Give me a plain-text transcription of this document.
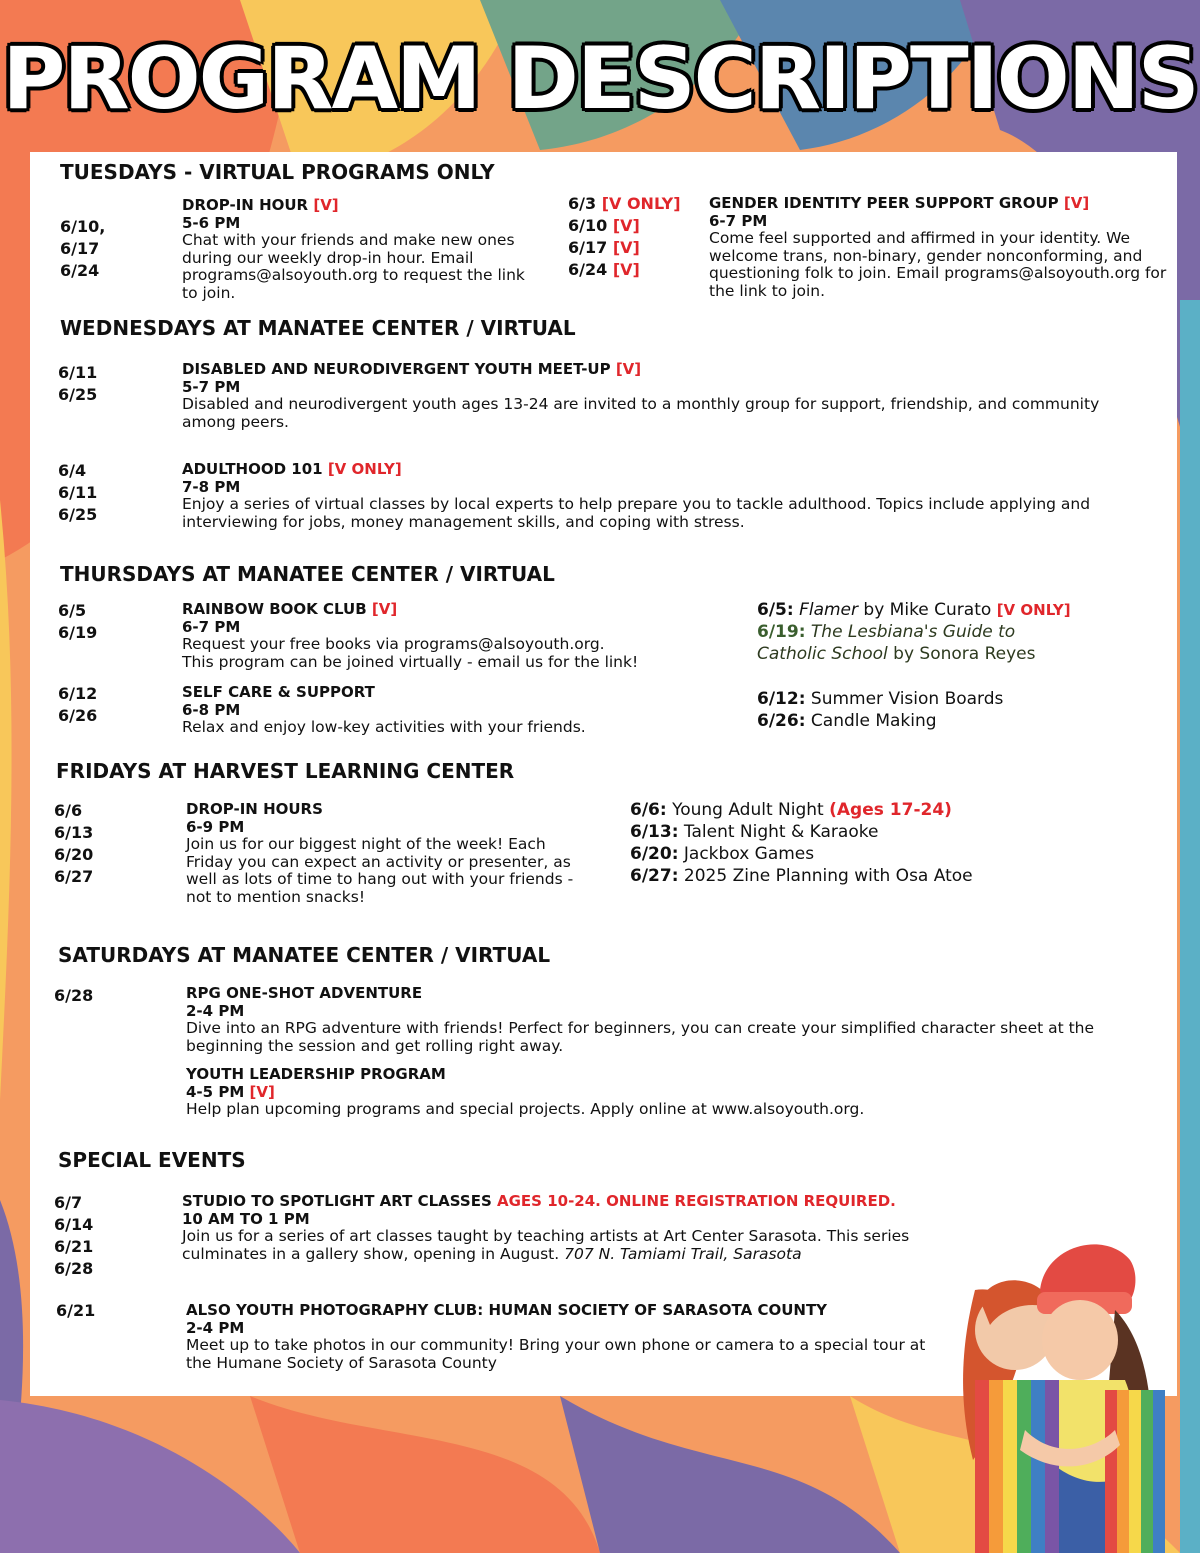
PROGRAM DESCRIPTIONS
TUESDAYS - VIRTUAL PROGRAMS ONLY
6/10,
6/17
6/24
DROP-IN HOUR [V]
5-6 PM
Chat with your friends and make new ones during our weekly drop-in hour. Email programs@alsoyouth.org to request the link to join.
6/3 [V ONLY]
6/10 [V]
6/17 [V]
6/24 [V]
GENDER IDENTITY PEER SUPPORT GROUP [V]
6-7 PM
Come feel supported and affirmed in your identity. We welcome trans, non-binary, gender nonconforming, and questioning folk to join. Email programs@alsoyouth.org for the link to join.
WEDNESDAYS AT MANATEE CENTER / VIRTUAL
6/11
6/25
DISABLED AND NEURODIVERGENT YOUTH MEET-UP [V]
5-7 PM
Disabled and neurodivergent youth ages 13-24 are invited to a monthly group for support, friendship, and community among peers.
6/4
6/11
6/25
ADULTHOOD 101 [V ONLY]
7-8 PM
Enjoy a series of virtual classes by local experts to help prepare you to tackle adulthood. Topics include applying and interviewing for jobs, money management skills, and coping with stress.
THURSDAYS AT MANATEE CENTER / VIRTUAL
6/5
6/19
RAINBOW BOOK CLUB [V]
6-7 PM
Request your free books via programs@alsoyouth.org.
This program can be joined virtually - email us for the link!
6/5: Flamer by Mike Curato [V ONLY]
6/19: The Lesbiana's Guide to
Catholic School by Sonora Reyes
6/12
6/26
SELF CARE & SUPPORT
6-8 PM
Relax and enjoy low-key activities with your friends.
6/12: Summer Vision Boards
6/26: Candle Making
FRIDAYS AT HARVEST LEARNING CENTER
6/6
6/13
6/20
6/27
DROP-IN HOURS
6-9 PM
Join us for our biggest night of the week! Each Friday you can expect an activity or presenter, as well as lots of time to hang out with your friends - not to mention snacks!
6/6: Young Adult Night (Ages 17-24)
6/13: Talent Night & Karaoke
6/20: Jackbox Games
6/27: 2025 Zine Planning with Osa Atoe
SATURDAYS AT MANATEE CENTER / VIRTUAL
6/28	RPG ONE-SHOT ADVENTURE
2-4 PM
Dive into an RPG adventure with friends! Perfect for beginners, you can create your simplified character sheet at the beginning the session and get rolling right away.
YOUTH LEADERSHIP PROGRAM
4-5 PM [V]
Help plan upcoming programs and special projects. Apply online at www.alsoyouth.org.
SPECIAL EVENTS
6/7
6/14
6/21
6/28
STUDIO TO SPOTLIGHT ART CLASSES AGES 10-24. ONLINE REGISTRATION REQUIRED.
10 AM TO 1 PM
Join us for a series of art classes taught by teaching artists at Art Center Sarasota. This series culminates in a gallery show, opening in August. 707 N. Tamiami Trail, Sarasota
6/21	ALSO YOUTH PHOTOGRAPHY CLUB: HUMAN SOCIETY OF SARASOTA COUNTY
2-4 PM
Meet up to take photos in our community! Bring your own phone or camera to a special tour at the Humane Society of Sarasota County
